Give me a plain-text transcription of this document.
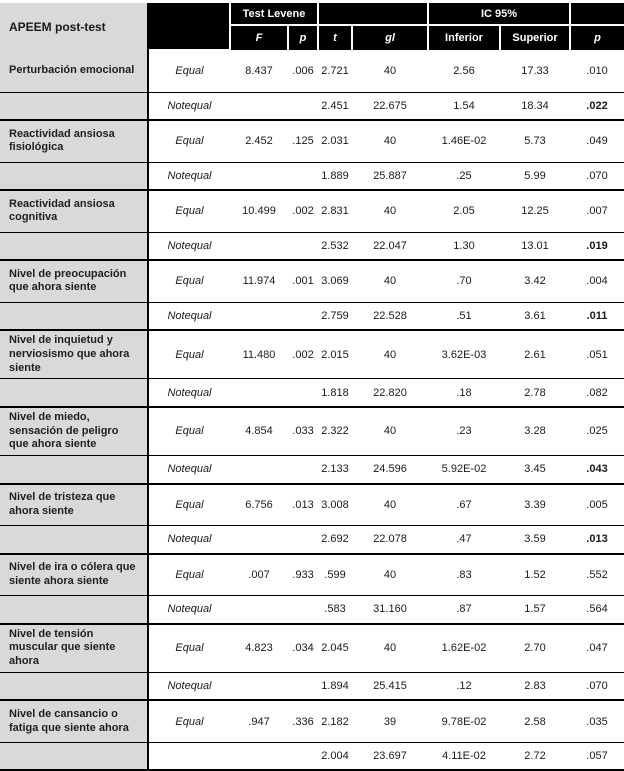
APEEM post-test		Test Levene				IC 95%		
		F	p	t	gl	Inferior	Superior	p
Perturbación emocional	Equal	8.437	.006	2.721	40	2.56	17.33	.010
	Notequal			2.451	22.675	1.54	18.34	.022
Reactividad ansiosa fisiológica	Equal	2.452	.125	2.031	40	1.46E-02	5.73	.049
	Notequal			1.889	25.887	.25	5.99	.070
Reactividad ansiosa cognitiva	Equal	10.499	.002	2.831	40	2.05	12.25	.007
	Notequal			2.532	22.047	1.30	13.01	.019
Nivel de preocupación que ahora siente	Equal	11.974	.001	3.069	40	.70	3.42	.004
	Notequal			2.759	22.528	.51	3.61	.011
Nivel de inquietud y nerviosismo que ahora siente	Equal	11.480	.002	2.015	40	3.62E-03	2.61	.051
	Notequal			1.818	22.820	.18	2.78	.082
Nivel de miedo, sensación de peligro que ahora siente	Equal	4.854	.033	2.322	40	.23	3.28	.025
	Notequal			2.133	24.596	5.92E-02	3.45	.043
Nivel de tristeza que ahora siente	Equal	6.756	.013	3.008	40	.67	3.39	.005
	Notequal			2.692	22.078	.47	3.59	.013
Nivel de ira o cólera que siente ahora siente	Equal	.007	.933	.599	40	.83	1.52	.552
	Notequal			.583	31.160	.87	1.57	.564
Nivel de tensión muscular que siente ahora	Equal	4.823	.034	2.045	40	1.62E-02	2.70	.047
	Notequal			1.894	25.415	.12	2.83	.070
Nivel de cansancio o fatiga que siente ahora	Equal	.947	.336	2.182	39	9.78E-02	2.58	.035
				2.004	23.697	4.11E-02	2.72	.057
